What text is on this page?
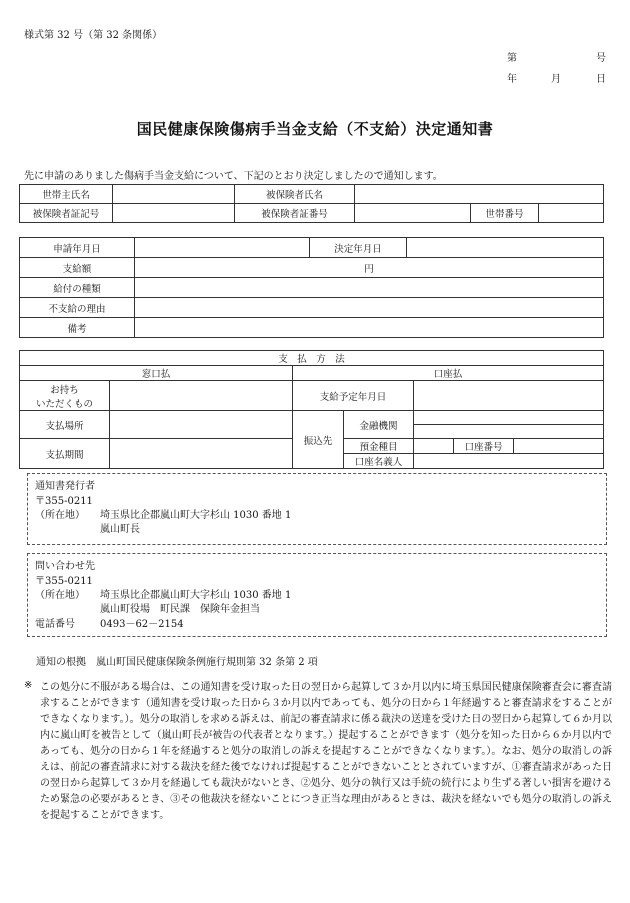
様式第 32 号（第 32 条関係）
第	号
年	月	日
国民健康保険傷病手当金支給（不支給）決定通知書
先に申請のありました傷病手当金支給について、下記のとおり決定しましたので通知します。
世帯主氏名		被保険者氏名			
被保険者証記号		被保険者証番号		世帯番号	
申請年月日		決定年月日	
支給額	円		
給付の種類			
不支給の理由			
備考			
支　払　方　法						
窓口払		口座払				

お持ち
いただくもの		支給予定年月日				
支払場所		振込先	金融機関			

支払期間			預金種目		口座番号	
			口座名義人			
通知書発行者
〒355-0211
（所在地） 埼玉県比企郡嵐山町大字杉山 1030 番地 1
嵐山町長
問い合わせ先
〒355-0211
（所在地） 埼玉県比企郡嵐山町大字杉山 1030 番地 1
嵐山町役場　町民課　保険年金担当
電話番号	0493－62－2154
通知の根拠　嵐山町国民健康保険条例施行規則第 32 条第 2 項
※ この処分に不服がある場合は、この通知書を受け取った日の翌日から起算して３か月以内に埼玉県国民健康保険審査会に審査請求することができます（通知書を受け取った日から３か月以内であっても、処分の日から１年経過すると審査請求をすることができなくなります。）。処分の取消しを求める訴えは、前記の審査請求に係る裁決の送達を受けた日の翌日から起算して６か月以内に嵐山町を被告として（嵐山町長が被告の代表者となります。）提起することができます（処分を知った日から６か月以内であっても、処分の日から１年を経過すると処分の取消しの訴えを提起することができなくなります。）。なお、処分の取消しの訴えは、前記の審査請求に対する裁決を経た後でなければ提起することができないこととされていますが、①審査請求があった日の翌日から起算して３か月を経過しても裁決がないとき、②処分、処分の執行又は手続の続行により生ずる著しい損害を避けるため緊急の必要があるとき、③その他裁決を経ないことにつき正当な理由があるときは、裁決を経ないでも処分の取消しの訴えを提起することができます。
